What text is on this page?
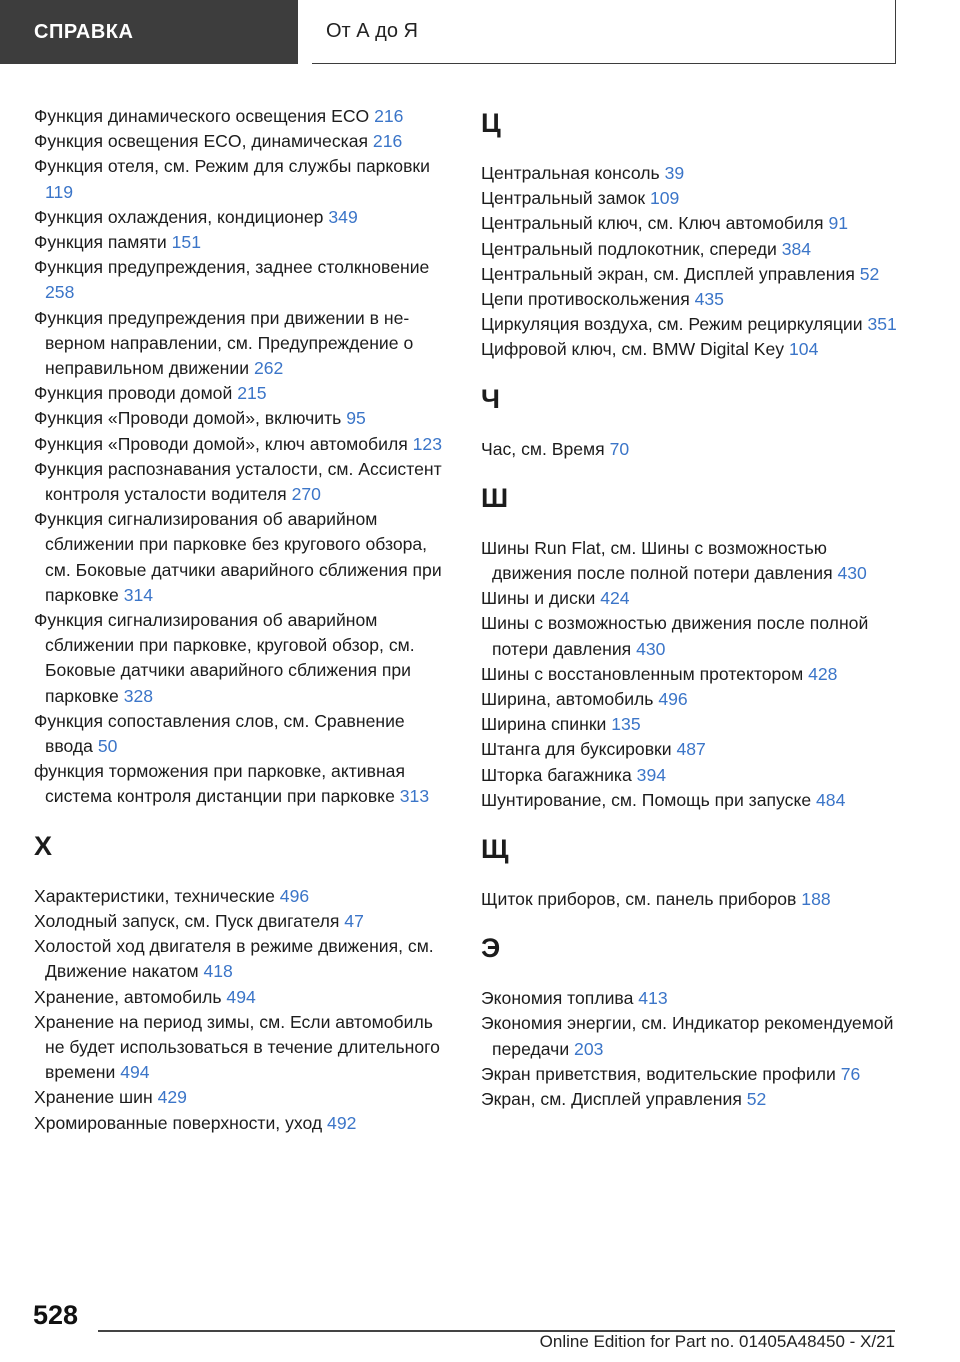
СПРАВКА	От А до Я
Функция динамического освещения ECO 216
Функция освещения ECO, динамическая 216
Функция отеля, см. Режим для службы парковки 119
Функция охлаждения, кондиционер 349
Функция памяти 151
Функция предупреждения, заднее столкновение 258
Функция предупреждения при движении в неверном направлении, см. Предупреждение о неправильном движении 262
Функция проводи домой 215
Функция «Проводи домой», включить 95
Функция «Проводи домой», ключ автомобиля 123
Функция распознавания усталости, см. Ассистент контроля усталости водителя 270
Функция сигнализирования об аварийном сближении при парковке без кругового обзора, см. Боковые датчики аварийного сближения при парковке 314
Функция сигнализирования об аварийном сближении при парковке, круговой обзор, см. Боковые датчики аварийного сближения при парковке 328
Функция сопоставления слов, см. Сравнение ввода 50
функция торможения при парковке, активная система контроля дистанции при парковке 313
Х
Характеристики, технические 496
Холодный запуск, см. Пуск двигателя 47
Холостой ход двигателя в режиме движения, см. Движение накатом 418
Хранение, автомобиль 494
Хранение на период зимы, см. Если автомобиль не будет использоваться в течение длительного времени 494
Хранение шин 429
Хромированные поверхности, уход 492
Ц
Центральная консоль 39
Центральный замок 109
Центральный ключ, см. Ключ автомобиля 91
Центральный подлокотник, спереди 384
Центральный экран, см. Дисплей управления 52
Цепи противоскольжения 435
Циркуляция воздуха, см. Режим рециркуляции 351
Цифровой ключ, см. BMW Digital Key 104
Ч
Час, см. Время 70
Ш
Шины Run Flat, см. Шины с возможностью движения после полной потери давления 430
Шины и диски 424
Шины с возможностью движения после полной потери давления 430
Шины с восстановленным протектором 428
Ширина, автомобиль 496
Ширина спинки 135
Штанга для буксировки 487
Шторка багажника 394
Шунтирование, см. Помощь при запуске 484
Щ
Щиток приборов, см. панель приборов 188
Э
Экономия топлива 413
Экономия энергии, см. Индикатор рекомендуемой передачи 203
Экран приветствия, водительские профили 76
Экран, см. Дисплей управления 52
528
Online Edition for Part no. 01405A48450 - X/21
